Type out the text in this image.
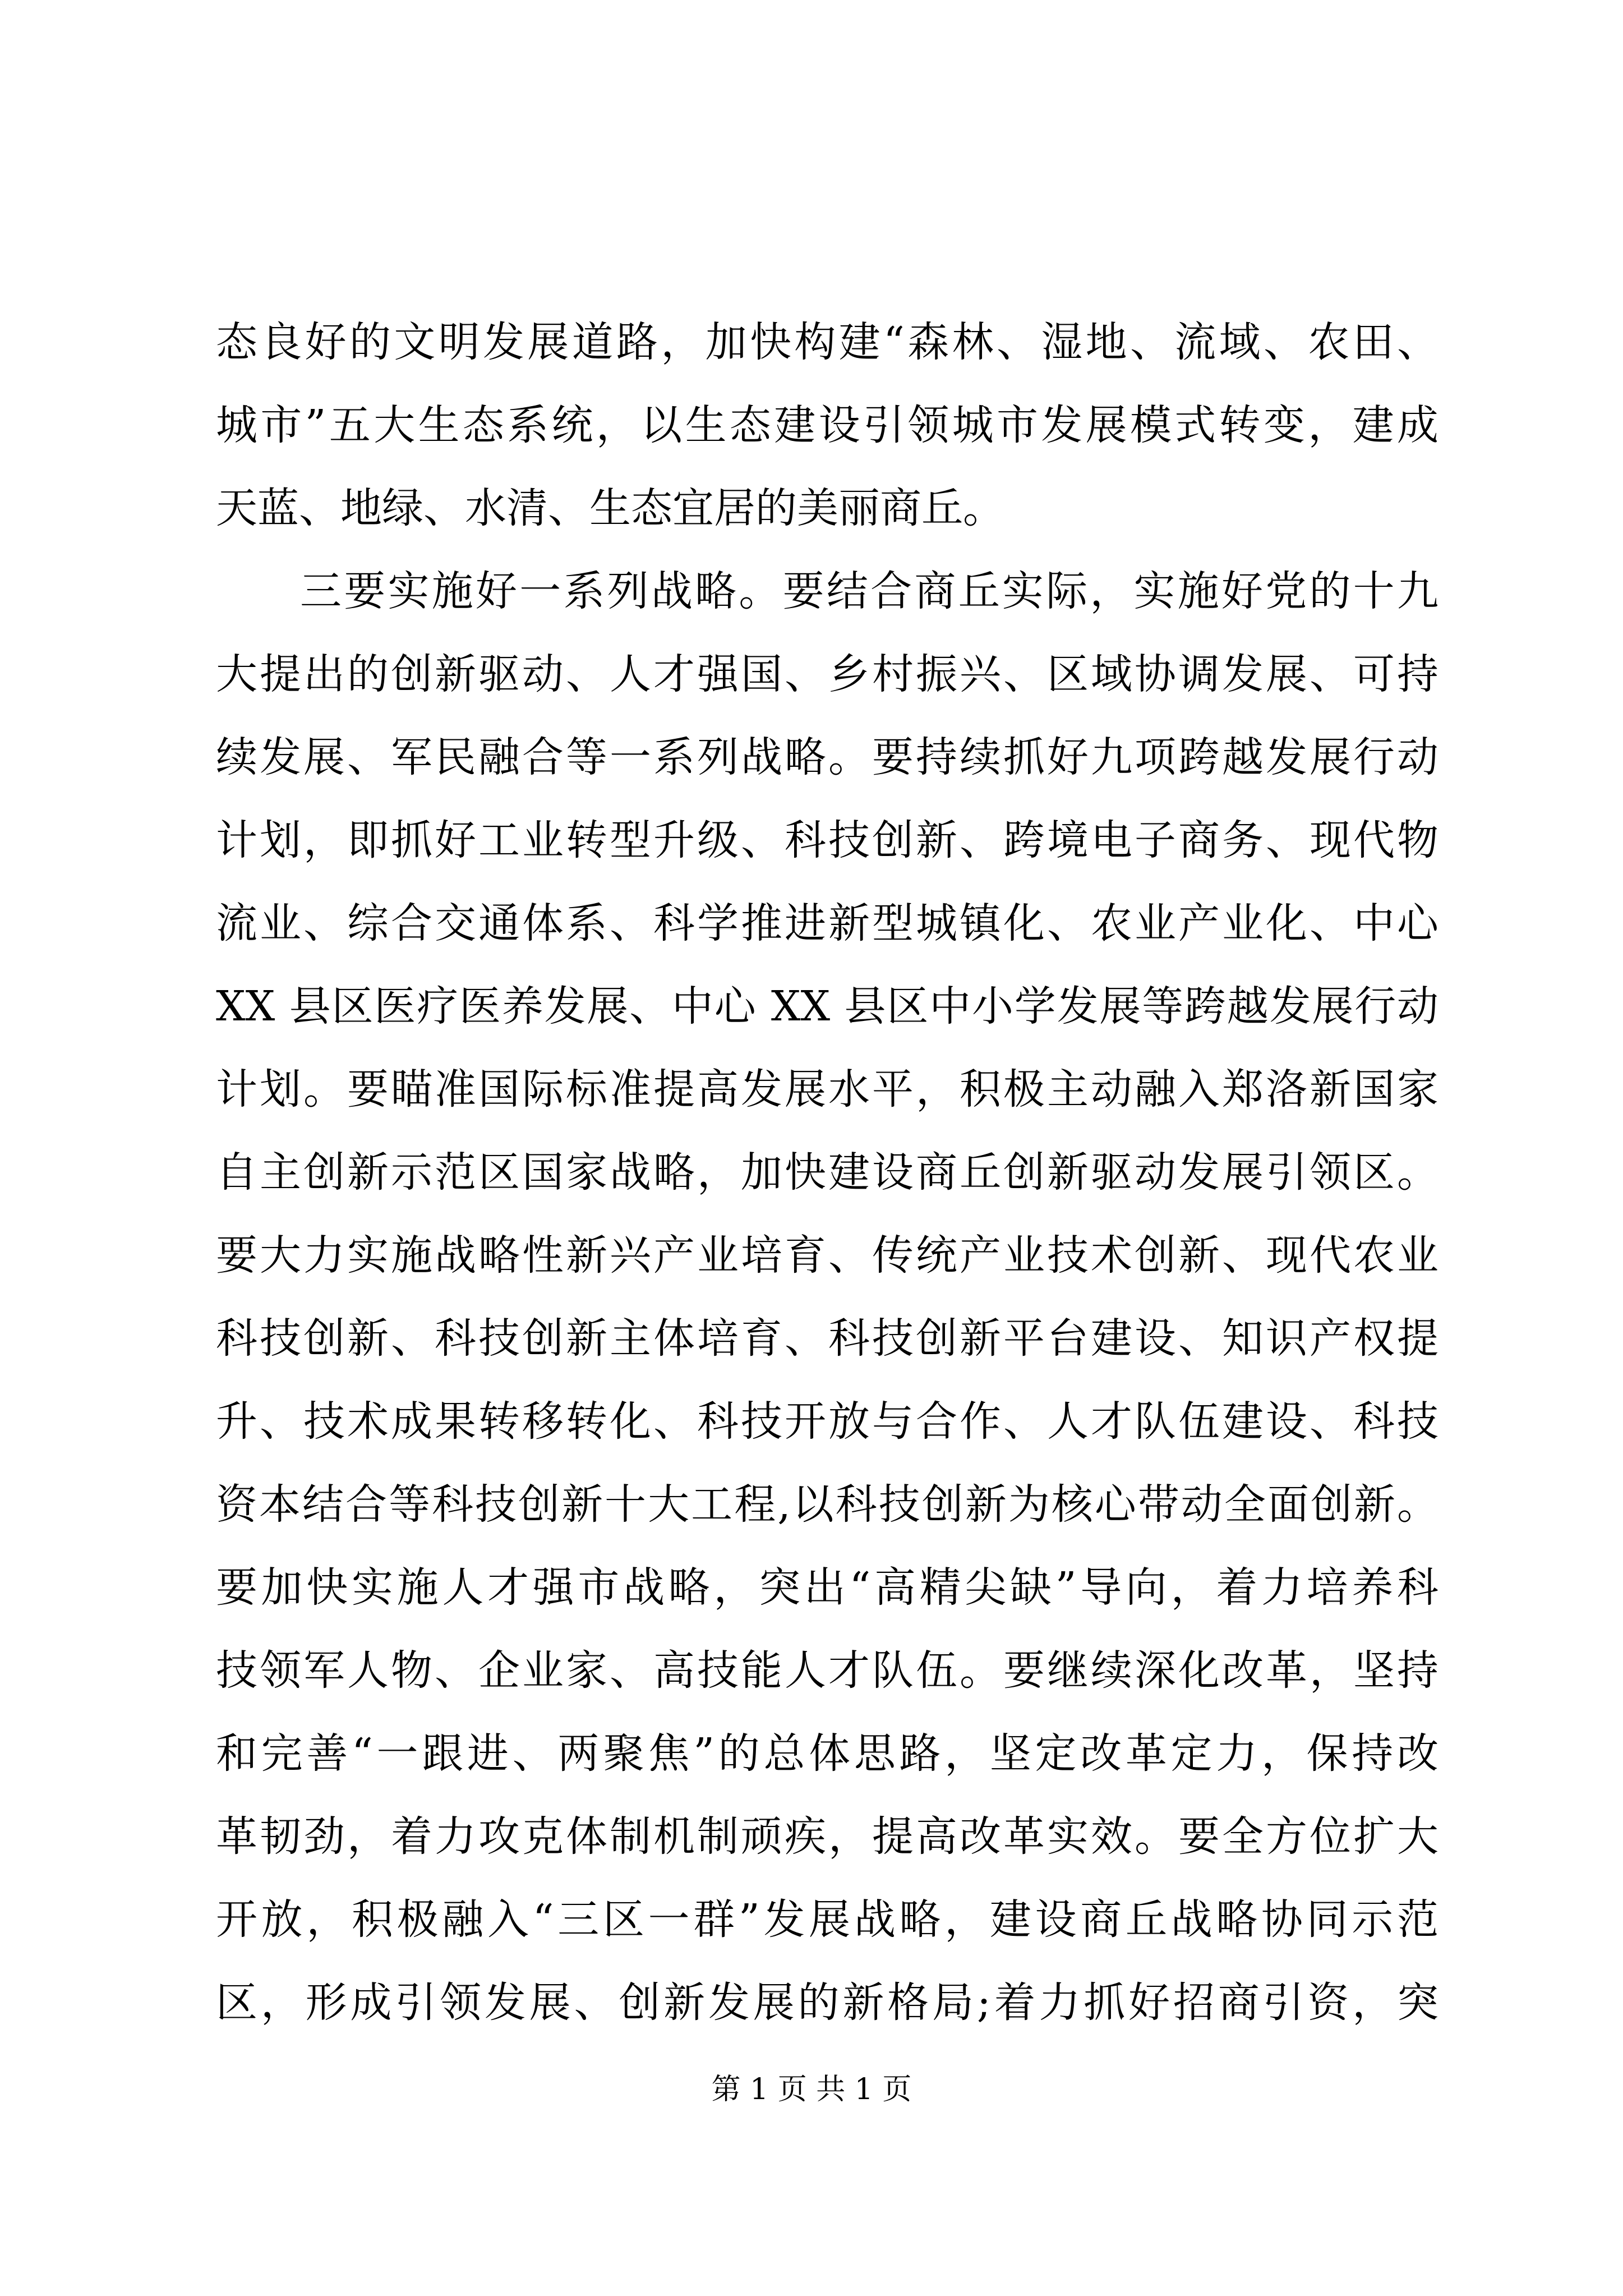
态良好的文明发展道路，加快构建“森林、湿地、流域、农田、
城市”五大生态系统，以生态建设引领城市发展模式转变，建成
天蓝、地绿、水清、生态宜居的美丽商丘。
三要实施好一系列战略。要结合商丘实际，实施好党的十九
大提出的创新驱动、人才强国、乡村振兴、区域协调发展、可持
续发展、军民融合等一系列战略。要持续抓好九项跨越发展行动
计划，即抓好工业转型升级、科技创新、跨境电子商务、现代物
流业、综合交通体系、科学推进新型城镇化、农业产业化、中心
XX 县区医疗医养发展、中心 XX 县区中小学发展等跨越发展行动
计划。要瞄准国际标准提高发展水平，积极主动融入郑洛新国家
自主创新示范区国家战略，加快建设商丘创新驱动发展引领区。
要大力实施战略性新兴产业培育、传统产业技术创新、现代农业
科技创新、科技创新主体培育、科技创新平台建设、知识产权提
升、技术成果转移转化、科技开放与合作、人才队伍建设、科技
资本结合等科技创新十大工程,以科技创新为核心带动全面创新。
要加快实施人才强市战略，突出“高精尖缺”导向，着力培养科
技领军人物、企业家、高技能人才队伍。要继续深化改革，坚持
和完善“一跟进、两聚焦”的总体思路，坚定改革定力，保持改
革韧劲，着力攻克体制机制顽疾，提高改革实效。要全方位扩大
开放，积极融入“三区一群”发展战略，建设商丘战略协同示范
区，形成引领发展、创新发展的新格局;着力抓好招商引资，突
第 1 页 共 1 页
